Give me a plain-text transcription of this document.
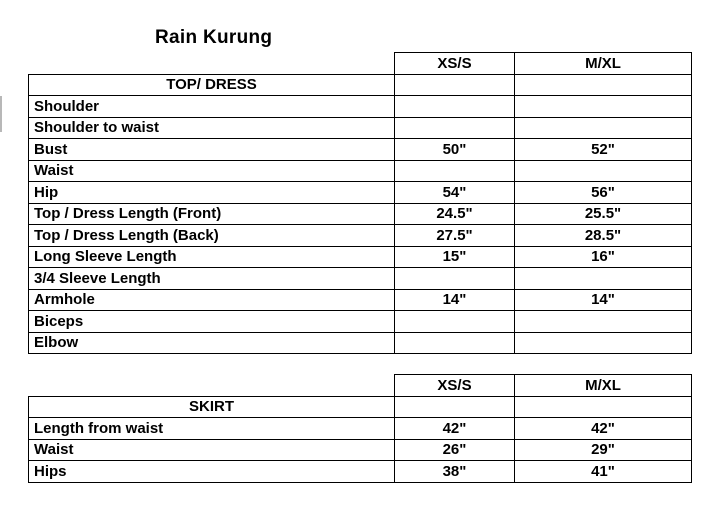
Rain Kurung
	XS/S	M/XL
TOP/ DRESS		
Shoulder		
Shoulder to waist		
Bust	50"	52"
Waist		
Hip	54"	56"
Top / Dress Length (Front)	24.5"	25.5"
Top / Dress Length (Back)	27.5"	28.5"
Long Sleeve Length	15"	16"
3/4 Sleeve Length		
Armhole	14"	14"
Biceps		
Elbow		
	XS/S	M/XL
SKIRT		
Length from waist	42"	42"
Waist	26"	29"
Hips	38"	41"
